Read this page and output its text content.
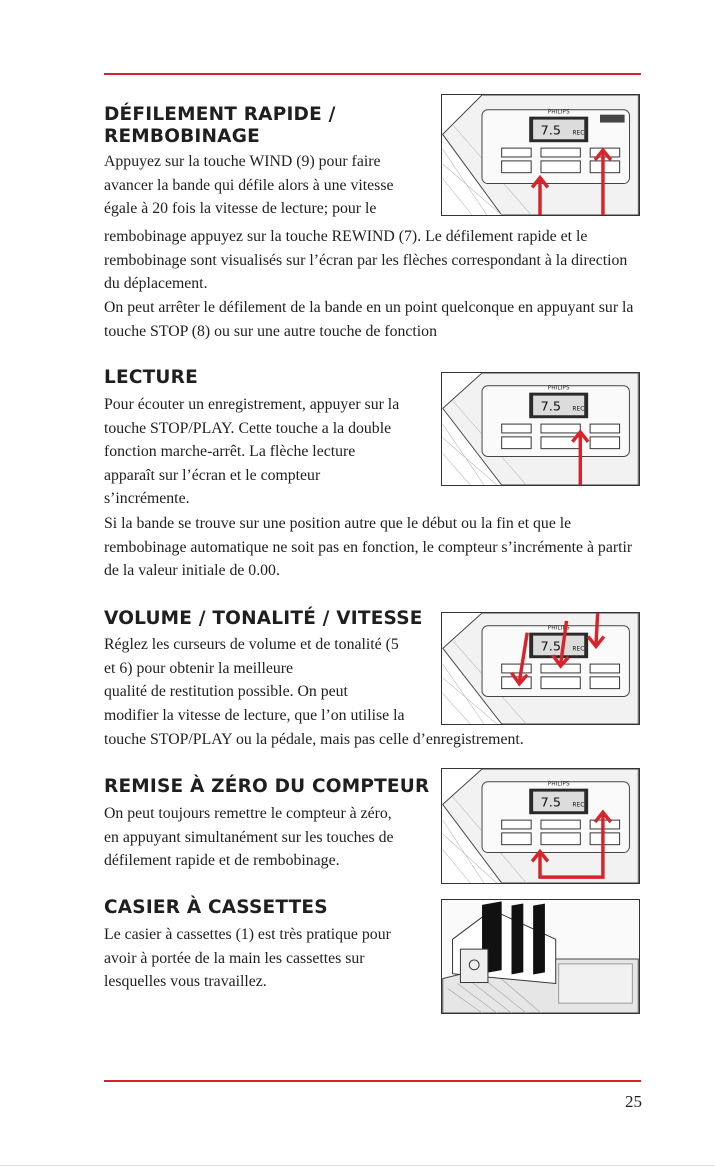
DÉFILEMENT RAPIDE /
REMBOBINAGE

Appuyez sur la touche WIND (9) pour faire
avancer la bande qui défile alors à une vitesse
égale à 20 fois la vitesse de lecture; pour le

rembobinage appuyez sur la touche REWIND (7). Le défilement rapide et le rembobinage sont visualisés sur l’écran par les flèches correspondant à la direction du déplacement.

On peut arrêter le défilement de la bande en un point quelconque en appuyant sur la touche STOP (8) ou sur une autre touche de fonction

PHILIPS
7.5 REC
LECTURE

Pour écouter un enregistrement, appuyer sur la
touche STOP/PLAY. Cette touche a la double
fonction marche-arrêt. La flèche lecture
apparaît sur l’écran et le compteur
s’incrémente.

Si la bande se trouve sur une position autre que le début ou la fin et que le rembobinage automatique ne soit pas en fonction, le compteur s’incrémente à partir de la valeur initiale de 0.00.

PHILIPS
7.5 REC
VOLUME / TONALITÉ / VITESSE

Réglez les curseurs de volume et de tonalité (5
et 6) pour obtenir la meilleure
qualité de restitution possible. On peut
modifier la vitesse de lecture, que l’on utilise la

touche STOP/PLAY ou la pédale, mais pas celle d’enregistrement.

PHILIPS
7.5 REC
REMISE À ZÉRO DU COMPTEUR

On peut toujours remettre le compteur à zéro,
en appuyant simultanément sur les touches de
défilement rapide et de rembobinage.

PHILIPS
7.5 REC
CASIER À CASSETTES

Le casier à cassettes (1) est très pratique pour
avoir à portée de la main les cassettes sur
lesquelles vous travaillez.

25
